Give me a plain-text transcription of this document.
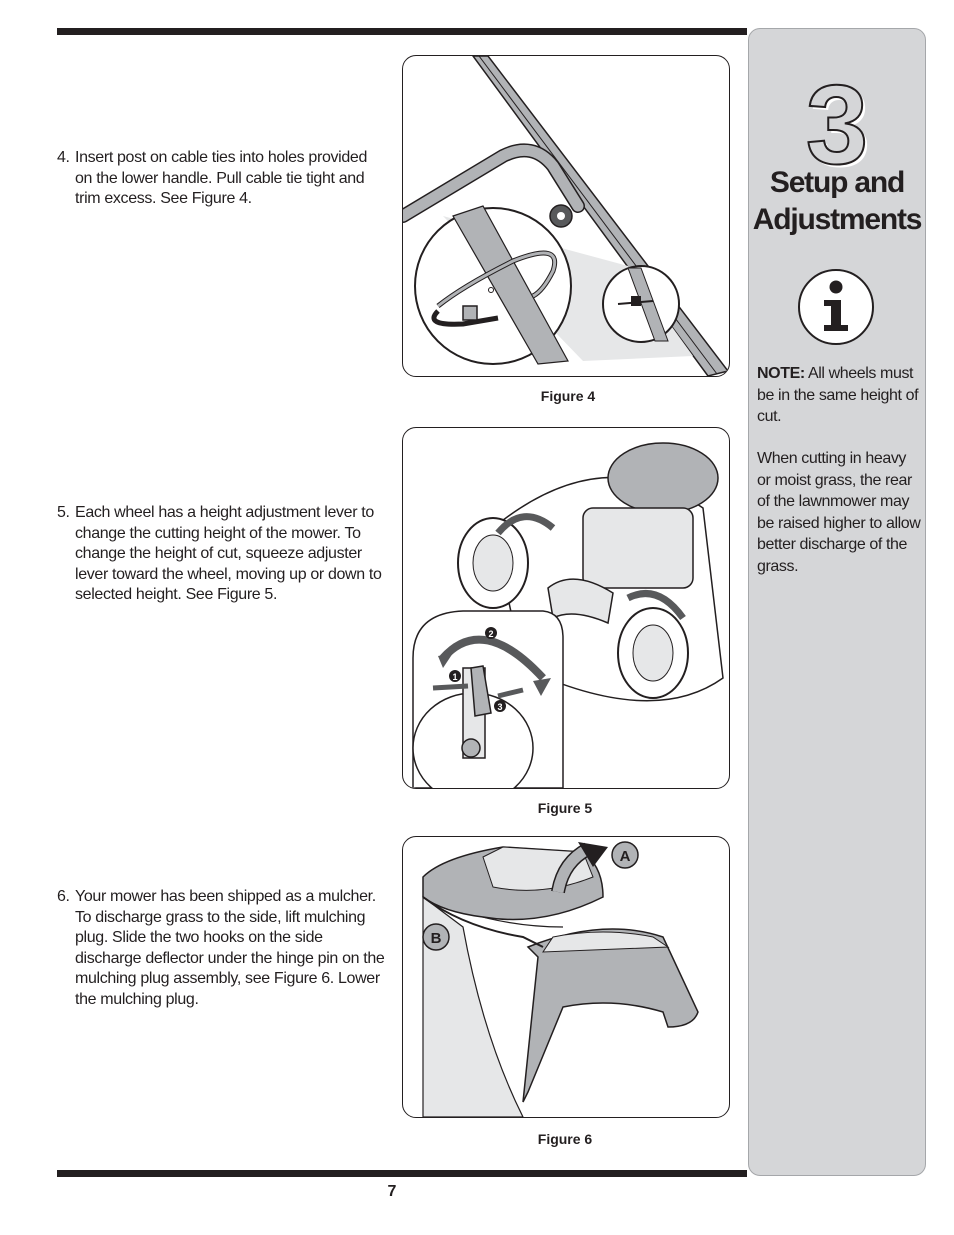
4. Insert post on cable ties into holes provided on the lower handle. Pull cable tie tight and trim excess. See Figure 4.
5. Each wheel has a height adjustment lever to change the cutting height of the mower. To change the height of cut, squeeze adjuster lever toward the wheel, moving up or down to selected height. See Figure 5.
6. Your mower has been shipped as a mulcher. To discharge grass to the side, lift mulching plug. Slide the two hooks on the side discharge deflector under the hinge pin on the mulching plug assembly, see Figure 6. Lower the mulching plug.
Figure 4
1
2
3
Figure 5
A
B
Figure 6
3
Setup and Adjustments
NOTE: All wheels must be in the same height of cut.
When cutting in heavy or moist grass, the rear of the lawnmower may be raised higher to allow better discharge of the grass.
7
